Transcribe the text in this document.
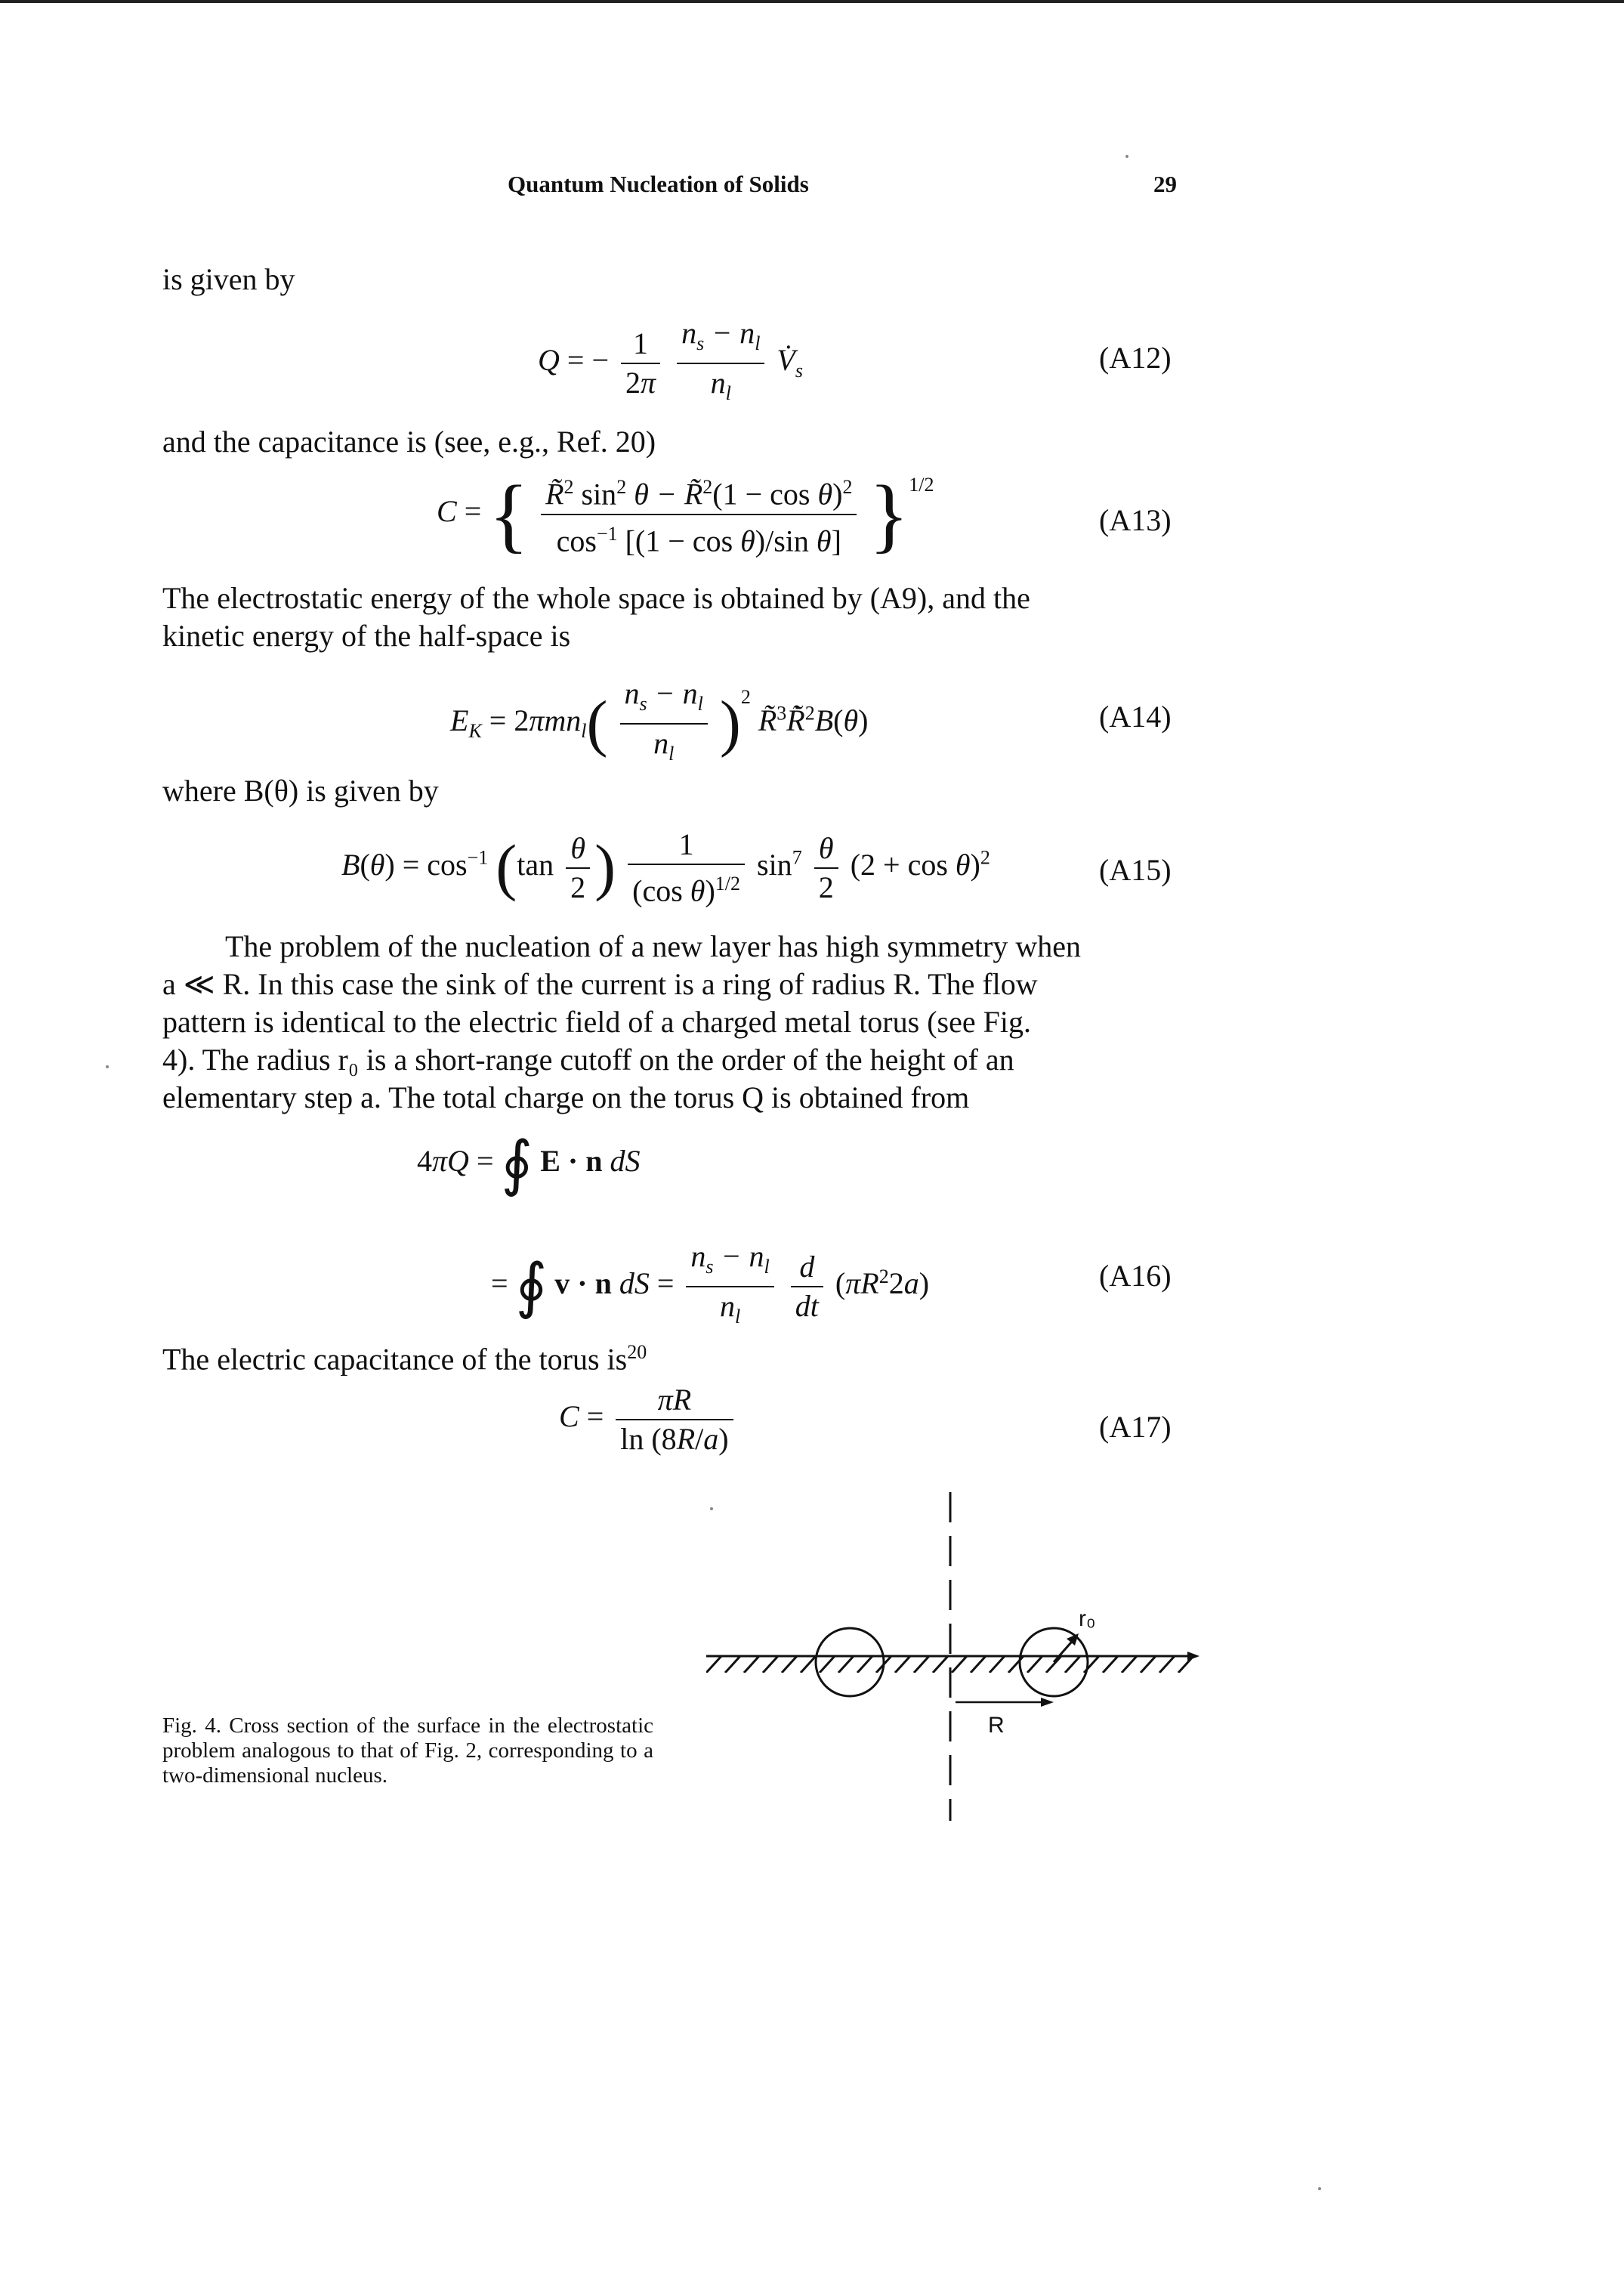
Quantum Nucleation of Solids	29
is given by
Q = − $\frac{1}{2\pi}$
$\frac{n_s - n_l}{n_l}$ $V̇_s$	(A12)
and the capacitance is (see, e.g., Ref. 20)
C = { $\frac{R̃^2 \sin^2 \theta - R̃^2(1 - \cos \theta)^2}{\cos^{-1} [(1 - \cos \theta)/\sin \theta]} \}^{1/2}$
(A13)
The electrostatic energy of the whole space is obtained by (A9), and the
kinetic energy of the half-space is
$E_K = 2\pi mn_l( \frac{n_s - n_l}{n_l} )^2$ R̃$^3$R̃̇$^2$B(θ)	(A14)
where B(θ) is given by
$B(\theta) = \cos^{-1} (\tan \frac{\theta}{2}$ ) $\frac{1}{(\cos \theta)^{1/2}} \sin^7 \frac{\theta}{2} (2 + \cos \theta)^2$	(A15)
The problem of the nucleation of a new layer has high symmetry when
a ≪ R. In this case the sink of the current is a ring of radius R. The flow
pattern is identical to the electric field of a charged metal torus (see Fig.
4). The radius r₀ is a short-range cutoff on the order of the height of an
elementary step a. The total charge on the torus Q is obtained from
4πQ = ∮ E · n dS
= ∮ v · n dS = $\frac{n_s - n_l}{n_l}$
$\frac{d}{dt} (\pi R^22a)$	(A16)
The electric capacitance of the torus $is^{20}$
$C = \frac{\pi R}{\ln (8R/a)}$	(A17)
r₀
R
Fig. 4. Cross section of the surface in the electrostatic problem analogous to that of Fig. 2, corresponding to a two-dimensional nucleus.
